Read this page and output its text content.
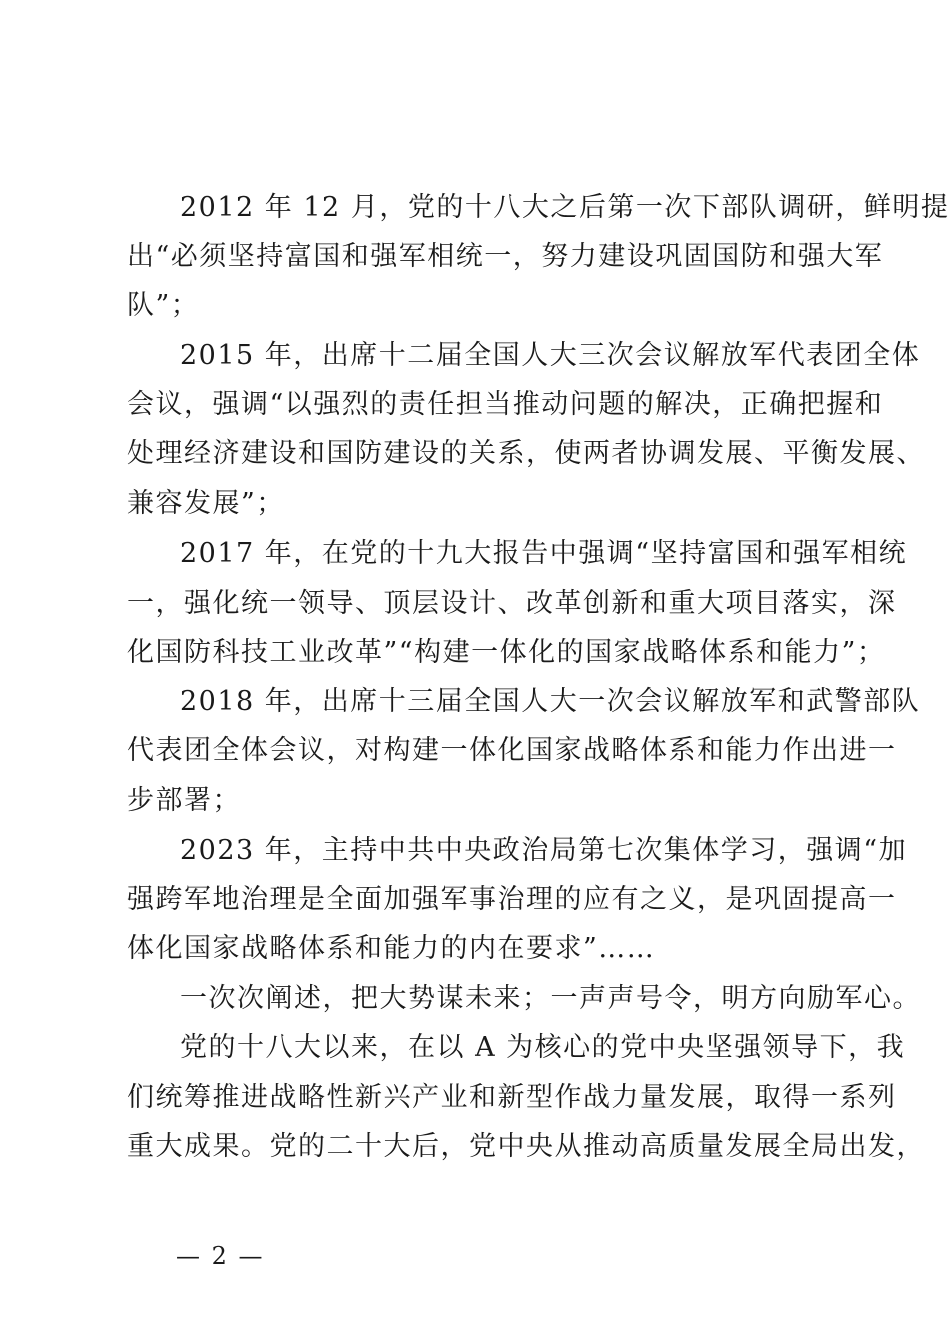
2012 年 12 月，党的十八大之后第一次下部队调研，鲜明提
出“必须坚持富国和强军相统一，努力建设巩固国防和强大军
队”；
2015 年，出席十二届全国人大三次会议解放军代表团全体
会议，强调“以强烈的责任担当推动问题的解决，正确把握和
处理经济建设和国防建设的关系，使两者协调发展、平衡发展、
兼容发展”；
2017 年，在党的十九大报告中强调“坚持富国和强军相统
一，强化统一领导、顶层设计、改革创新和重大项目落实，深
化国防科技工业改革”“构建一体化的国家战略体系和能力”；
2018 年，出席十三届全国人大一次会议解放军和武警部队
代表团全体会议，对构建一体化国家战略体系和能力作出进一
步部署；
2023 年，主持中共中央政治局第七次集体学习，强调“加
强跨军地治理是全面加强军事治理的应有之义，是巩固提高一
体化国家战略体系和能力的内在要求”……
一次次阐述，把大势谋未来；一声声号令，明方向励军心。
党的十八大以来，在以 A 为核心的党中央坚强领导下，我
们统筹推进战略性新兴产业和新型作战力量发展，取得一系列
重大成果。党的二十大后，党中央从推动高质量发展全局出发，
— 2 —
